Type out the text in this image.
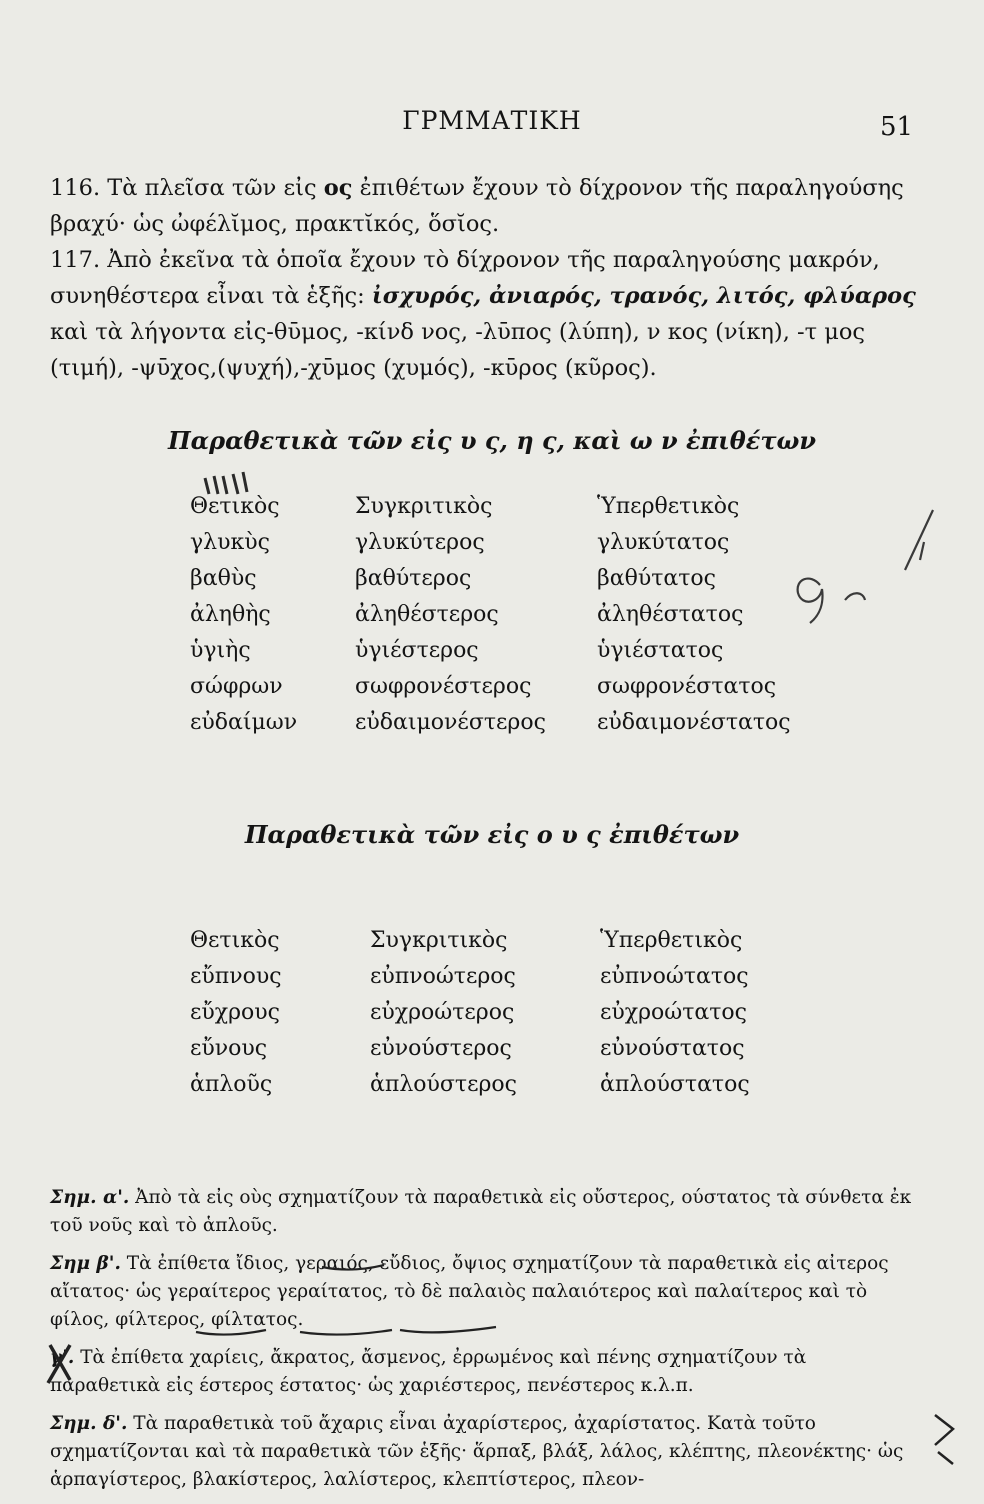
ΓΡΜΜΑΤΙΚΗ	51

116. Τὰ πλεῖσα τῶν εἰς ος ἐπιθέτων ἔχουν τὸ δίχρονον τῆς παραληγούσης βραχύ· ὡς ὠφέλῐμος, πρακτῐκός, ὅσῐος.

117. Ἀπὸ ἐκεῖνα τὰ ὁποῖα ἔχουν τὸ δίχρονον τῆς παραληγούσης μακρόν, συνηθέστερα εἶναι τὰ ἑξῆς: ἰσχυρός, ἀνιαρός, τρανός, λιτός, φλύαρος καὶ τὰ λήγοντα εἰς-θῡμος, -κίνδ νος, -λῡπος (λύπη), ν κος (νίκη), -τ μος (τιμή), -ψῡχος,(ψυχή),-χῡμος (χυμός), -κῡρος (κῦρος).

Παραθετικὰ τῶν εἰς υ ς, η ς, καὶ ω ν ἐπιθέτων
Θετικὸς	Συγκριτικὸς	Ὑπερθετικὸς
γλυκὺς	γλυκύτερος	γλυκύτατος
βαθὺς	βαθύτερος	βαθύτατος
ἀληθὴς	ἀληθέστερος	ἀληθέστατος
ὑγιὴς	ὑγιέστερος	ὑγιέστατος
σώφρων	σωφρονέστερος	σωφρονέστατος
εὐδαίμων	εὐδαιμονέστερος εὐδαιμονέστατος
Παραθετικὰ τῶν εἰς ο υ ς ἐπιθέτων
Θετικὸς	Συγκριτικὸς	Ὑπερθετικὸς
εὔπνους	εὐπνοώτερος	εὐπνοώτατος
εὔχρους	εὐχροώτερος	εὐχροώτατος
εὔνους	εὐνούστερος	εὐνούστατος
ἁπλοῦς	ἁπλούστερος	ἁπλούστατος

Σημ. α'. Ἀπὸ τὰ εἰς οὺς σχηματίζουν τὰ παραθετικὰ εἰς οὔστερος, ούστατος τὰ σύνθετα ἐκ τοῦ νοῦς καὶ τὸ ἁπλοῦς.

Σημ β'. Τὰ ἐπίθετα ἴδιος, γεραιός, εὔδιος, ὄψιος σχηματίζουν τὰ παραθετικὰ εἰς αἰτερος αἴτατος· ὡς γεραίτερος γεραίτατος, τὸ δὲ παλαιὸς παλαιότερος καὶ παλαίτερος καὶ τὸ φίλος, φίλτερος, φίλτατος.

γ'. Τὰ ἐπίθετα χαρίεις, ἄκρατος, ἄσμενος, ἐρρωμένος καὶ πένης σχηματίζουν τὰ παραθετικὰ εἰς έστερος έστατος· ὡς χαριέστερος, πενέστερος κ.λ.π.

Σημ. δ'. Τὰ παραθετικὰ τοῦ ἄχαρις εἶναι ἀχαρίστερος, ἀχαρίστατος. Κατὰ τοῦτο σχηματίζονται καὶ τὰ παραθετικὰ τῶν ἑξῆς· ἅρπαξ, βλάξ, λάλος, κλέπτης, πλεονέκτης· ὡς ἁρπαγίστερος, βλακίστερος, λαλίστερος, κλεπτίστερος, πλεον-
